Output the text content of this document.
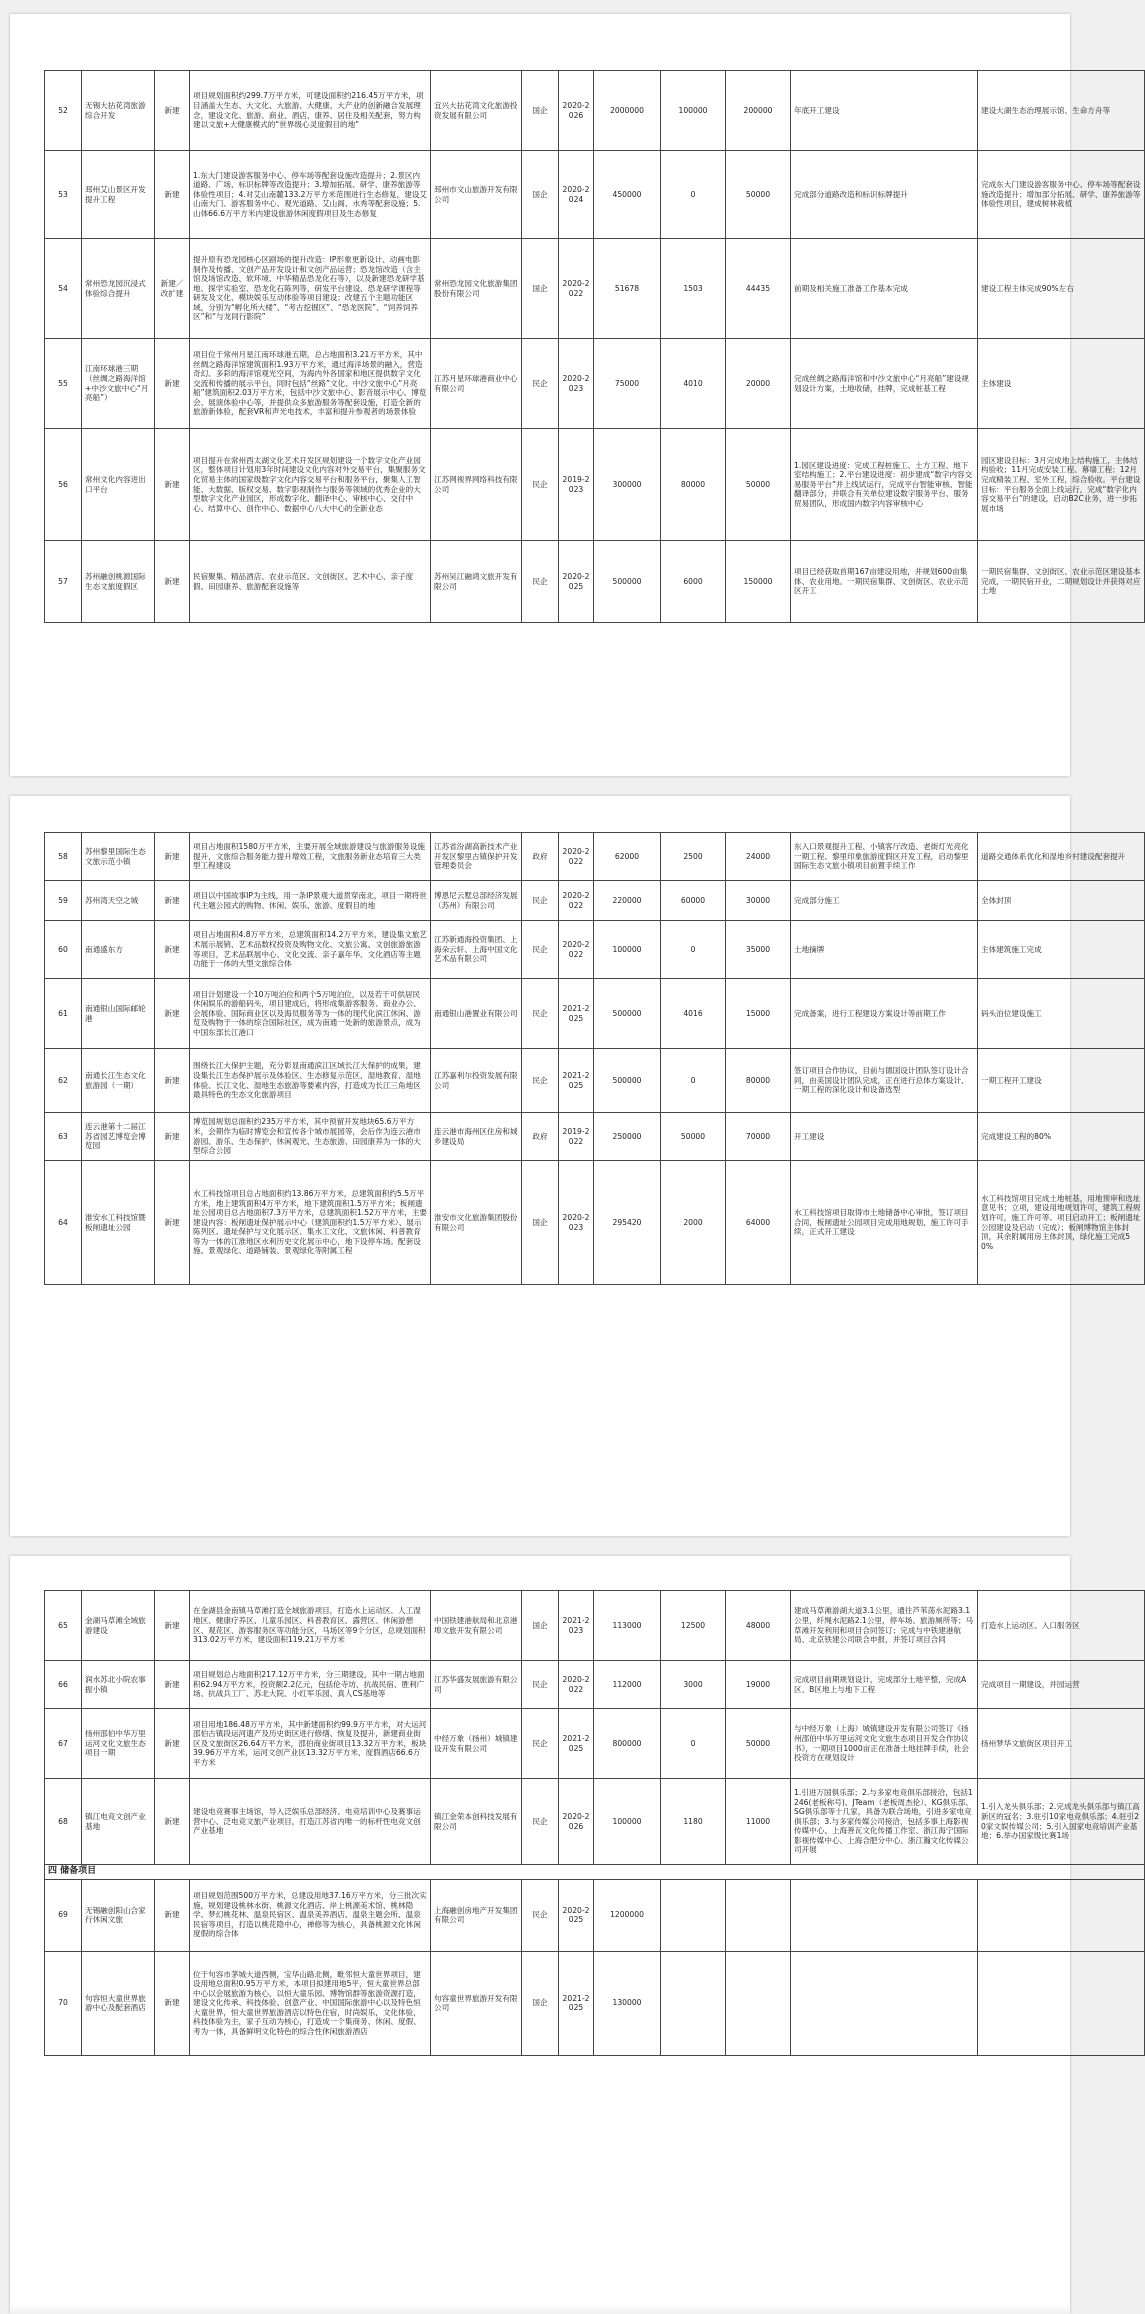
52	无锡大拈花湾旅游综合开发	新建	项目规划面积约299.7万平方米，可建设面积约216.45万平方米，项目涵盖大生态、大文化、大旅游、大健康、大产业的创新融合发展理念，建设文化、旅游、商业、酒店、康养、居住及相关配套，努力构建以文旅+大健康模式的“世界级心灵度假目的地”	宜兴大拈花湾文化旅游投资发展有限公司	国企	2020-2026	2000000	100000	200000	年底开工建设	建设大湖生态治理展示馆、生命方舟等
53	邳州艾山景区开发提升工程	新建	1.东大门建设游客服务中心、停车场等配套设施改造提升；2.景区内道路、广场、标识标牌等改造提升；3.增加拓展、研学、康养旅游等体验性项目；4.对艾山南麓133.2万平方米范围进行生态修复，建设艾山南大门、游客服务中心、观光道路、艾山阁、水秀等配套设施；5.山体66.6万平方米内建设旅游休闲度假项目及生态修复	邳州市文山旅游开发有限公司	国企	2020-2024	450000	0	50000	完成部分道路改造和标识标牌提升	完成东大门建设游客服务中心、停车场等配套设施改造提升；增加部分拓展、研学、康养旅游等体验性项目，建成树林栽植
54	常州恐龙园沉浸式体验综合提升	新建／改扩建	提升原有恐龙园核心区剧场的提升改造：IP形象更新设计、动画电影制作及传播、文创产品开发设计和文创产品运营；恐龙馆改造（含主馆及场馆改造、软环境、中华精品恐龙化石等），以及新建恐龙研学基地、探学实验室、恐龙化石陈列等，研发平台建设、恐龙研学课程等研发及文化、模块娱乐互动体验等项目建设；改建五个主题功能区域，分别为“孵化所大楼”、“考古挖掘区”、“恐龙医院”、“饲养饲养区”和“与龙同行影院”	常州恐龙园文化旅游集团股份有限公司	国企	2020-2022	51678	1503	44435	前期及相关施工准备工作基本完成	建设工程主体完成90%左右
55	江南环球港三期（丝绸之路海洋馆+中沙文旅中心“月亮船”）	新建	项目位于常州月星江南环球港五期，总占地面积3.21万平方米，其中丝绸之路海洋馆建筑面积1.93万平方米，通过海洋场景的融入，营造奇幻、多彩的海洋馆观光空间，为海内外各国家和地区提供数字文化交流和传播的展示平台，同时包括“丝路”文化、中沙文旅中心“月亮船”建筑面积2.03万平方米，包括中沙文旅中心、影音展示中心、博览会、展演体验中心等，并提供众多旅游服务等配套设施，打造全新的旅游新体验，配套VR和声光电技术，丰富和提升参观者的场景体验	江苏月星环球港商业中心有限公司	民企	2020-2023	75000	4010	20000	完成丝绸之路海洋馆和中沙文旅中心“月亮船”建设规划设计方案，土地收储，挂牌，完成桩基工程	主体建设
56	常州文化内容进出口平台	新建	项目提升在常州西太湖文化艺术开发区规划建设一个数字文化产业园区，整体项目计划用3年时间建设文化内容对外交易平台，集聚服务文化贸易主体的国家级数字文化内容交易平台和服务平台，聚集人工智能、大数据、版权交易、数字影视制作与服务等领域的优秀企业的大型数字文化产业园区，形成数字化、翻译中心、审核中心、交付中心、结算中心、创作中心、数据中心八大中心的全新业态	江苏网视界网络科技有限公司	民企	2019-2023	300000	80000	50000	1.园区建设进度：完成工程桩施工、土方工程、地下室结构施工；2.平台建设进度：初步建成“数字内容交易服务平台”并上线试运行，完成平台智能审核、智能翻译部分，并联合有关单位建设数字服务平台、服务贸易团队，形成国内数字内容审核中心	园区建设目标：3月完成地上结构施工，主体结构验收；11月完成安装工程、幕墙工程；12月完成精装工程、室外工程，综合验收。平台建设目标：平台服务全面上线运行，完成“数字化内容交易平台”的建设，启动B2C业务，进一步拓展市场
57	苏州融创桃源国际生态文旅度假区	新建	民宿聚集、精品酒店、农业示范区、文创街区、艺术中心、亲子度假、田园康养、旅游配套设施等	苏州吴江融鸿文旅开发有限公司	民企	2020-2025	500000	6000	150000	项目已经获取首期167亩建设用地，并规划600亩集体、农业用地。一期民宿集群、文创街区、农业示范区开工	一期民宿集群、文创街区、农业示范区建设基本完成，一期民宿开业，二期规划设计并获得对应土地
58	苏州黎里国际生态文旅示范小镇	新建	项目占地面积1580万平方米，主要开展全域旅游建设与旅游服务设施提升，文旅综合服务能力提升增效工程，文旅服务新业态培育三大类型工程建设	江苏省汾湖高新技术产业开发区黎里古镇保护开发管理委员会	政府	2020-2022	62000	2500	24000	东入口景观提升工程、小镇客厅改造、老街灯光亮化一期工程、黎里印象旅游度假区开发工程，启动黎里国际生态文旅小镇项目前置手续工作	道路交通体系优化和湿地乡村建设配套提升
59	苏州湾天空之城	新建	项目以中国故事IP为主线，用一条IP景观大道贯穿南北，项目一期将世代主题公园式的购物、休闲、娱乐、旅游、度假目的地	博恩尼云墅总部经济发展（苏州）有限公司	民企	2020-2022	220000	60000	30000	完成部分施工	全体封顶
60	南通盛东方	新建	项目占地面积4.8万平方米，总建筑面积14.2万平方米，建设集文旅艺术展示展销、艺术品数权投资及购物文化、文旅公寓、文创旅游旅游等项目，艺术品联展中心、文化交流、亲子嘉年华、文化酒店等主题功能于一体的大型文旅综合体	江苏新通海投资集团、上海朵云轩、上海中国文化艺术品有限公司	民企	2020-2022	100000	0	35000	土地摘牌	主体建筑施工完成
61	南通银山国际邮轮港	新建	项目计划建设一个10万吨泊位和两个5万吨泊位，以及若干可供居民休闲娱乐的游船码头，项目建成后，将形成集游客服务、商业办公、会展体验、国际商业区以及海员服务等为一体的现代化滨江休闲、游览及购物于一体的综合国际社区，成为南通一处新的旅游景点，成为中国东部长江港口	南通银山港置业有限公司	民企	2021-2025	500000	4016	15000	完成备案，进行工程建设方案设计等前期工作	码头泊位建设施工
62	南通长江生态文化旅游园（一期）	新建	围绕长江大保护主题，充分彰显南通滨江区域长江大保护的成果，建设集长江生态保护展示及体验区、生态修复示范区、湿地教育、湿地体验、长江文化、湿地生态旅游等要素内容，打造成为长江三角地区最具特色的生态文化旅游项目	江苏嘉利尔投资发展有限公司	民企	2021-2025	500000	0	80000	签订项目合作协议，目前与德国设计团队签订设计合同，由美国设计团队完成，正在进行总体方案设计、一期工程的深化设计和设备选型	一期工程开工建设
63	连云港第十二届江苏省园艺博览会博览园	新建	博览园规划总面积约235万平方米，其中预留开发地块65.6万平方米，会期作为临时博览会和宣传各个城市展园等，会后作为连云港市游园、游乐、生态保护、休闲观光、生态旅游、田园康养为一体的大型综合公园	连云港市海州区住房和城乡建设局	政府	2019-2022	250000	50000	70000	开工建设	完成建设工程的80%
64	淮安水工科技馆暨板闸遗址公园	新建	水工科技馆项目总占地面积约13.86万平方米，总建筑面积约5.5万平方米，地上建筑面积4万平方米，地下建筑面积1.5万平方米；板闸遗址公园项目总占地面积7.3万平方米，总建筑面积1.52万平方米，主要建设内容：板闸遗址保护展示中心（建筑面积约1.5万平方米）、展示陈列区、遗址保护与文化展示区、集水工文化、文旅休闲、科普教育等为一体的江淮地区水利历史文化展示中心，地下设停车场。配套设施、景观绿化、道路铺装、景观绿化等附属工程	淮安市文化旅游集团股份有限公司	国企	2020-2023	295420	2000	64000	水工科技馆项目取得市土地储备中心审批，签订项目合同，板闸遗址公园项目完成用地规划，施工许可手续，正式开工建设	水工科技馆项目完成土地桩基，用地预审和选址意见书；立项，建设用地规划许可，建筑工程规划许可，施工许可等。项目启动开工；板闸遗址公园建设及启动（完成）；板闸博物馆主体封顶，其余附属用房主体封顶，绿化施工完成50%
65	金湖马草滩全域旅游建设	新建	在金湖县金南镇马草滩打造全域旅游项目，打造水上运动区、人工湿地区、健康疗养区、儿童乐园区、科普教育区、露营区、休闲游憩区、观花区、游客服务区等功能分区，马场区等9个分区，总规划面积313.02万平方米，建设面积119.21万平方米	中国铁建港航局和北京港埠文旅开发有限公司	国企	2021-2023	113000	12500	48000	建成马草滩游湖大道3.1公里，通往芦苇荡水泥路3.1公里，纤绳水泥路2.1公里，停车场、旅游厕所等；马草滩开发利用和项目合同签订；完成与中铁建港航局、北京铁建公司联合申报，并签订项目合同	打造水上运动区、入口服务区
66	润水苏北小院农事振小镇	新建	项目规划总占地面积217.12万平方米，分三期建设，其中一期占地面积62.94万平方米，投资额2.2亿元，包括伦寺坊、抗战民宿、胜利广场、抗战兵工厂、苏北大院、小红军乐园、真人CS基地等	江苏华盛发展旅游有限公司	民企	2020-2022	112000	3000	19000	完成项目前期规划设计，完成部分土地平整，完成A区、B区地上与地下工程	完成项目一期建设，并园运营
67	扬州邵伯中华万里运河文化文旅生态项目一期	新建	项目用地186.48万平方米，其中新建面积约99.9万平方米，对大运河邵伯古镇段运河遗产及历史街区进行修缮、恢复及提升，新建商业街区及文旅街区26.64万平方米，邵伯商业街项目13.32万平方米，板块39.96万平方米，运河文创产业区13.32万平方米，度假酒店66.6万平方米	中经万象（扬州）城镇建设开发有限公司	民企	2021-2025	800000	0	50000	与中经万象（上海）城镇建设开发有限公司签订《扬州邵伯中华万里运河文化文旅生态项目开发合作协议书》，一期项目1000亩正在准备土地挂牌手续，社会投资方在规划设计	扬州梦华文旅街区项目开工
68	镇江电竞文创产业基地	新建	建设电竞赛事主场馆，导入泛娱乐总部经济、电竞培训中心及赛事运营中心、泛电竞文旅产业项目，打造江苏省内唯一的标杆性电竞文创产业基地	镇江金荣本创科技发展有限公司	民企	2020-2026	100000	1180	11000	1.引进万国俱乐部；2.与多家电竞俱乐部接洽，包括1246(老板称号)、JTeam（老板周杰伦）、KG俱乐部、SG俱乐部等十几家，具备为联合场地，引进多家电竞俱乐部；3.与多家传媒公司接洽，包括多事上海影视传媒中心、上海善瓦文化传播工作室、浙江海宁国际影视传媒中心、上海合肥分中心、浙江瀚文化传媒公司开展	1.引入龙头俱乐部；2.完成龙头俱乐部与镇江高新区的冠名；3.驻引10家电竞俱乐部；4.驻引20家文娱传媒公司；5.引入国家电竞培训产业基地；6.举办国家级比赛1场
四 储备项目											
69	无锡融创阳山合家行休闲文旅	新建	项目规划范围500万平方米，总建设用地37.16万平方米，分三批次实施，规划建设桃林水街、桃源文化酒店、岸上桃源美术馆、桃林隐学、梦幻桃花林、温泉民宿区、温泉美养酒店、温泉主题会所、温泉民宿等项目，打造以桃花隐中心，禅修等为核心，具备桃源文化休闲度假的综合体	上海融创房地产开发集团有限公司	民企	2020-2025	1200000				
70	句容恒大童世界旅游中心及配套酒店	新建	位于句容市茅城大道西侧，宝华山路北侧，毗邻恒大童世界项目，建设用地总面积0.95万平方米，本项目拟建用地5平，恒大童世界总部中心以会展旅游为核心，以恒大童乐园、博物馆群等旅游资源打造，建设文化传承、科技体验、创意产业、中国国际旅游中心以及特色恒大童世界，恒大童世界旅游酒店以特色住宿，时尚娱乐，文化体验，科技体验为主，家子互动为核心，打造成一个集商务、休闲、度假、考为一体，具备鲜明文化特色的综合性休闲旅游酒店	句容童世界旅游开发有限公司	国企	2021-2025	130000				
